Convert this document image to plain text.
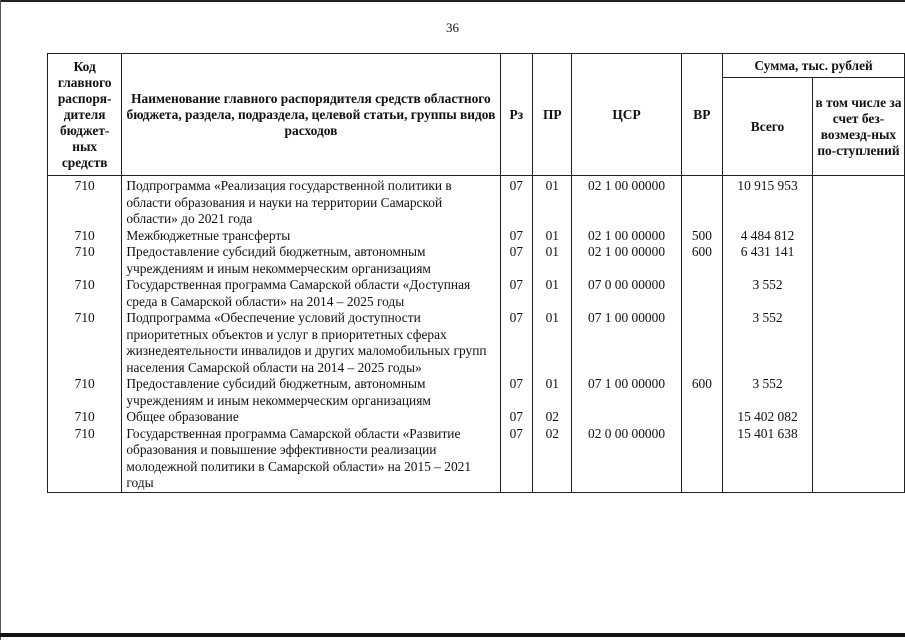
36
Код главного распоря-дителя бюджет-ных средств	Наименование главного распорядителя средств областного бюджета, раздела, подраздела, целевой статьи, группы видов расходов	Рз	ПР	ЦСР	ВР	Сумма, тыс. рублей	
						Всего	в том числе за счет без-возмезд-ных по-ступлений
710	Подпрограмма «Реализация государственной политики в области образования и науки на территории Самарской области» до 2021 года	07	01	02 1 00 00000		10 915 953	
710	Межбюджетные трансферты	07	01	02 1 00 00000	500	4 484 812	
710	Предоставление субсидий бюджетным, автономным учреждениям и иным некоммерческим организациям	07	01	02 1 00 00000	600	6 431 141	
710	Государственная программа Самарской области «Доступная среда в Самарской области» на 2014 – 2025 годы	07	01	07 0 00 00000		3 552	
710	Подпрограмма «Обеспечение условий доступности приоритетных объектов и услуг в приоритетных сферах жизнедеятельности инвалидов и других маломобильных групп населения Самарской области на 2014 – 2025 годы»	07	01	07 1 00 00000		3 552	
710	Предоставление субсидий бюджетным, автономным учреждениям и иным некоммерческим организациям	07	01	07 1 00 00000	600	3 552	
710	Общее образование	07	02			15 402 082	
710	Государственная программа Самарской области «Развитие образования и повышение эффективности реализации молодежной политики в Самарской области» на 2015 – 2021 годы	07	02	02 0 00 00000		15 401 638	
